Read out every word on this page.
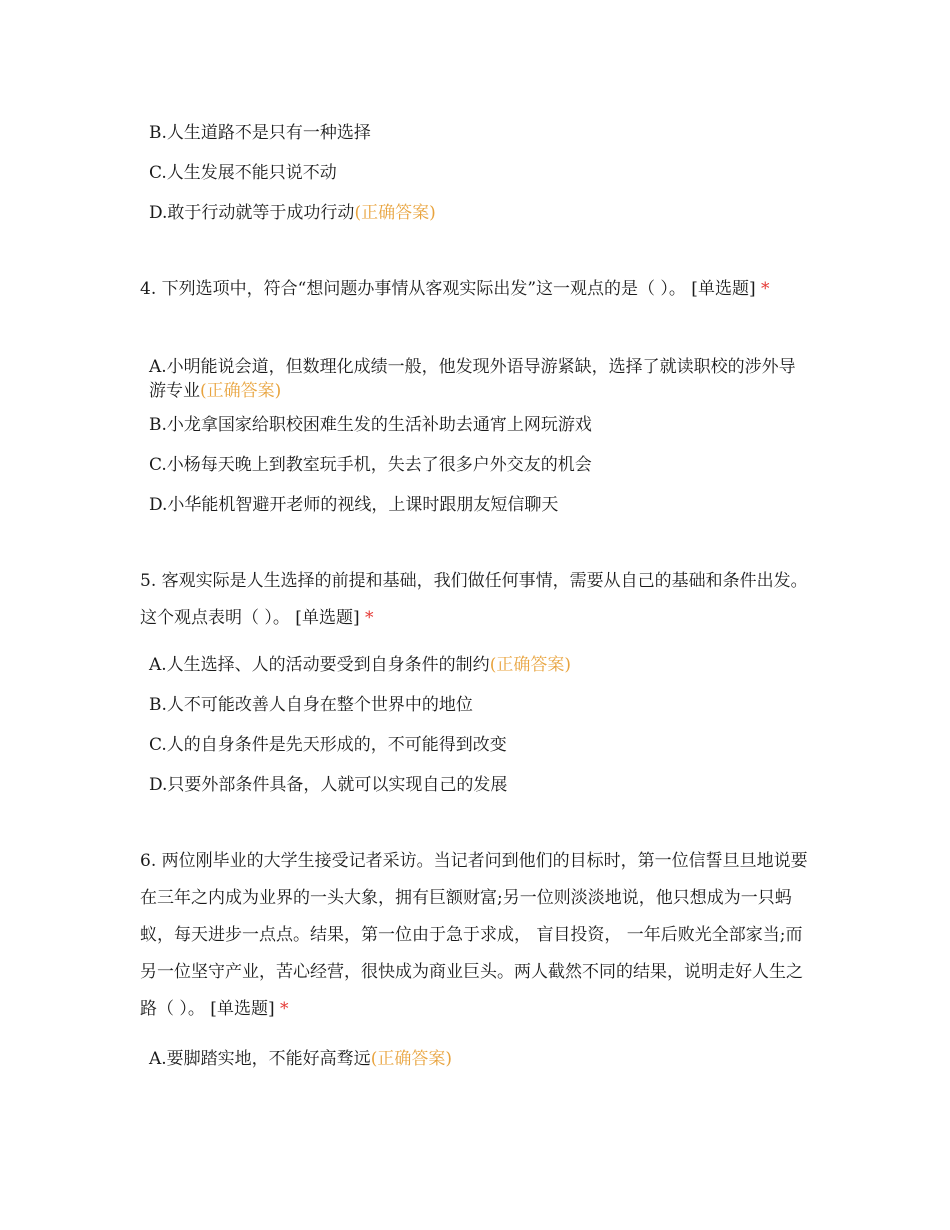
B.人生道路不是只有一种选择
C.人生发展不能只说不动
D.敢于行动就等于成功行动(正确答案)
4. 下列选项中，符合“想问题办事情从客观实际出发”这一观点的是（ ）。 [单选题] *
A.小明能说会道，但数理化成绩一般，他发现外语导游紧缺，选择了就读职校的涉外导游专业(正确答案)
B.小龙拿国家给职校困难生发的生活补助去通宵上网玩游戏
C.小杨每天晚上到教室玩手机，失去了很多户外交友的机会
D.小华能机智避开老师的视线，上课时跟朋友短信聊天
5. 客观实际是人生选择的前提和基础，我们做任何事情，需要从自己的基础和条件出发。这个观点表明（ ）。 [单选题] *
A.人生选择、人的活动要受到自身条件的制约(正确答案)
B.人不可能改善人自身在整个世界中的地位
C.人的自身条件是先天形成的，不可能得到改变
D.只要外部条件具备，人就可以实现自己的发展
6. 两位刚毕业的大学生接受记者采访。当记者问到他们的目标时，第一位信誓旦旦地说要在三年之内成为业界的一头大象，拥有巨额财富;另一位则淡淡地说，他只想成为一只蚂蚁，每天进步一点点。结果，第一位由于急于求成， 盲目投资， 一年后败光全部家当;而另一位坚守产业，苦心经营，很快成为商业巨头。两人截然不同的结果，说明走好人生之路（ ）。 [单选题] *
A.要脚踏实地，不能好高骛远(正确答案)
